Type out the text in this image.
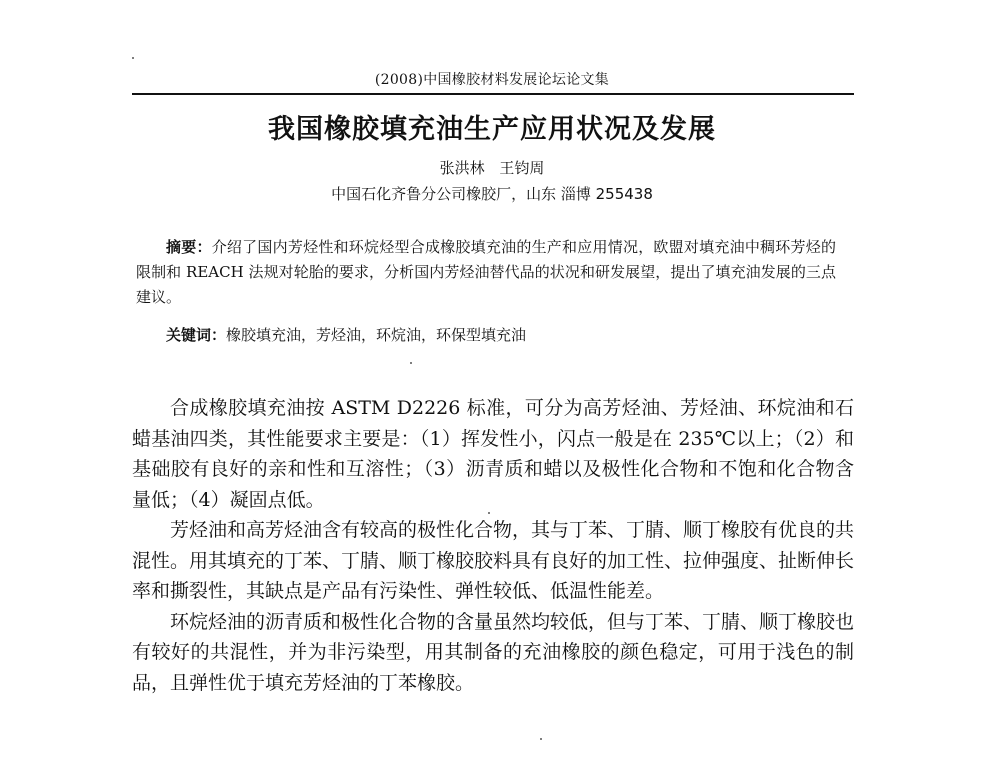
(2008)中国橡胶材料发展论坛论文集
我国橡胶填充油生产应用状况及发展
张洪林 王钧周
中国石化齐鲁分公司橡胶厂，山东 淄博 255438
摘要：介绍了国内芳烃性和环烷烃型合成橡胶填充油的生产和应用情况，欧盟对填充油中稠环芳烃的限制和 REACH 法规对轮胎的要求，分析国内芳烃油替代品的状况和研发展望，提出了填充油发展的三点建议。
关键词：橡胶填充油，芳烃油，环烷油，环保型填充油

合成橡胶填充油按 ASTM D2226 标准，可分为高芳烃油、芳烃油、环烷油和石蜡基油四类，其性能要求主要是：（1）挥发性小，闪点一般是在 235℃以上；（2）和基础胶有良好的亲和性和互溶性；（3）沥青质和蜡以及极性化合物和不饱和化合物含量低；（4）凝固点低。

芳烃油和高芳烃油含有较高的极性化合物，其与丁苯、丁腈、顺丁橡胶有优良的共混性。用其填充的丁苯、丁腈、顺丁橡胶胶料具有良好的加工性、拉伸强度、扯断伸长率和撕裂性，其缺点是产品有污染性、弹性较低、低温性能差。

环烷烃油的沥青质和极性化合物的含量虽然均较低，但与丁苯、丁腈、顺丁橡胶也有较好的共混性，并为非污染型，用其制备的充油橡胶的颜色稳定，可用于浅色的制品，且弹性优于填充芳烃油的丁苯橡胶。
